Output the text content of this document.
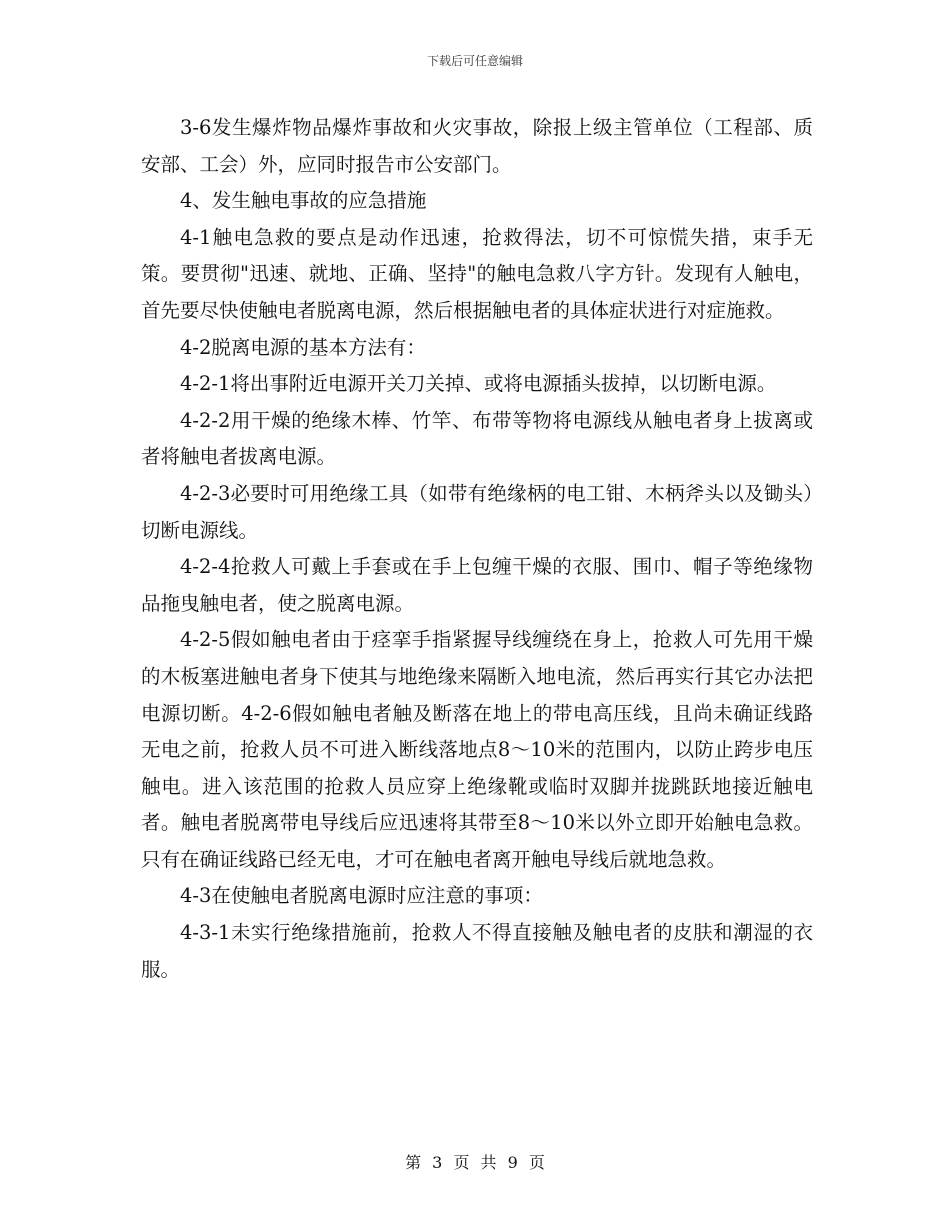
下载后可任意编辑

3-6发生爆炸物品爆炸事故和火灾事故，除报上级主管单位（工程部、质安部、工会）外，应同时报告市公安部门。

4、发生触电事故的应急措施

4-1触电急救的要点是动作迅速，抢救得法，切不可惊慌失措，束手无策。要贯彻"迅速、就地、正确、坚持"的触电急救八字方针。发现有人触电，首先要尽快使触电者脱离电源，然后根据触电者的具体症状进行对症施救。

4-2脱离电源的基本方法有：

4-2-1将出事附近电源开关刀关掉、或将电源插头拔掉，以切断电源。

4-2-2用干燥的绝缘木棒、竹竿、布带等物将电源线从触电者身上拔离或者将触电者拔离电源。

4-2-3必要时可用绝缘工具（如带有绝缘柄的电工钳、木柄斧头以及锄头）切断电源线。

4-2-4抢救人可戴上手套或在手上包缠干燥的衣服、围巾、帽子等绝缘物品拖曳触电者，使之脱离电源。

4-2-5假如触电者由于痉挛手指紧握导线缠绕在身上，抢救人可先用干燥的木板塞进触电者身下使其与地绝缘来隔断入地电流，然后再实行其它办法把电源切断。4-2-6假如触电者触及断落在地上的带电高压线，且尚未确证线路无电之前，抢救人员不可进入断线落地点8～10米的范围内，以防止跨步电压触电。进入该范围的抢救人员应穿上绝缘靴或临时双脚并拢跳跃地接近触电者。触电者脱离带电导线后应迅速将其带至8～10米以外立即开始触电急救。只有在确证线路已经无电，才可在触电者离开触电导线后就地急救。

4-3在使触电者脱离电源时应注意的事项：

4-3-1未实行绝缘措施前，抢救人不得直接触及触电者的皮肤和潮湿的衣服。

第 3 页 共 9 页
